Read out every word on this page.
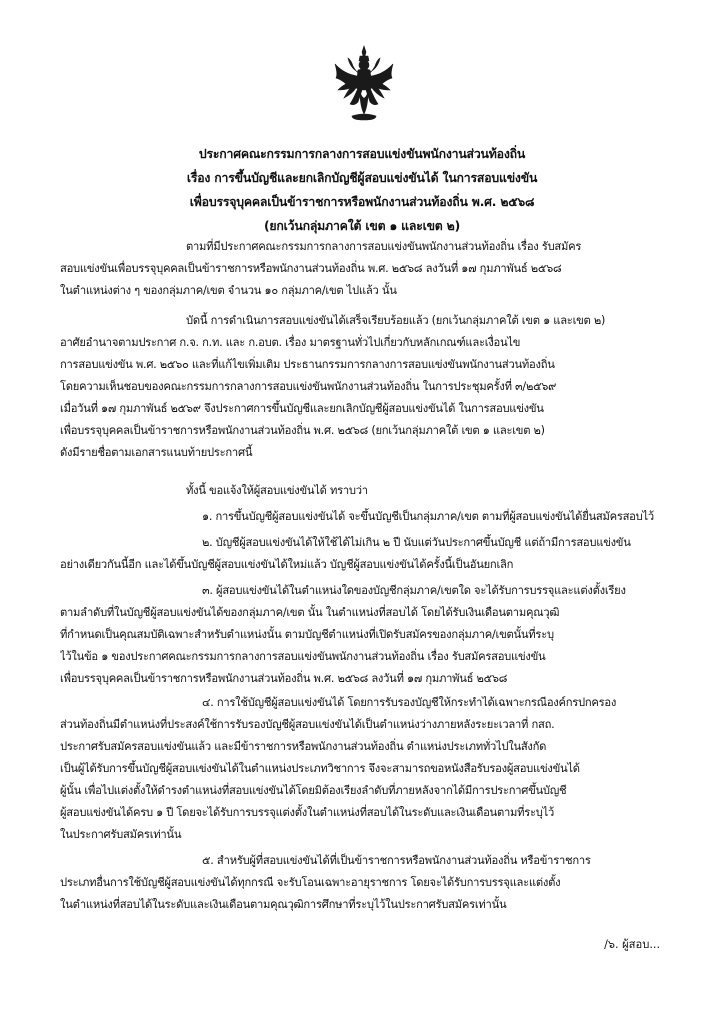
ประกาศคณะกรรมการกลางการสอบแข่งขันพนักงานส่วนท้องถิ่น
เรื่อง การขึ้นบัญชีและยกเลิกบัญชีผู้สอบแข่งขันได้ ในการสอบแข่งขัน
เพื่อบรรจุบุคคลเป็นข้าราชการหรือพนักงานส่วนท้องถิ่น พ.ศ. ๒๕๖๘
(ยกเว้นกลุ่มภาคใต้ เขต ๑ และเขต ๒)
ตามที่มีประกาศคณะกรรมการกลางการสอบแข่งขันพนักงานส่วนท้องถิ่น เรื่อง รับสมัคร
สอบแข่งขันเพื่อบรรจุบุคคลเป็นข้าราชการหรือพนักงานส่วนท้องถิ่น พ.ศ. ๒๕๖๘ ลงวันที่ ๑๗ กุมภาพันธ์ ๒๕๖๘
ในตำแหน่งต่าง ๆ ของกลุ่มภาค/เขต จำนวน ๑๐ กลุ่มภาค/เขต ไปแล้ว นั้น
บัดนี้ การดำเนินการสอบแข่งขันได้เสร็จเรียบร้อยแล้ว (ยกเว้นกลุ่มภาคใต้ เขต ๑ และเขต ๒)
อาศัยอำนาจตามประกาศ ก.จ. ก.ท. และ ก.อบต. เรื่อง มาตรฐานทั่วไปเกี่ยวกับหลักเกณฑ์และเงื่อนไข
การสอบแข่งขัน พ.ศ. ๒๕๖๐ และที่แก้ไขเพิ่มเติม ประธานกรรมการกลางการสอบแข่งขันพนักงานส่วนท้องถิ่น
โดยความเห็นชอบของคณะกรรมการกลางการสอบแข่งขันพนักงานส่วนท้องถิ่น ในการประชุมครั้งที่ ๓/๒๕๖๙
เมื่อวันที่ ๑๗ กุมภาพันธ์ ๒๕๖๙ จึงประกาศการขึ้นบัญชีและยกเลิกบัญชีผู้สอบแข่งขันได้ ในการสอบแข่งขัน
เพื่อบรรจุบุคคลเป็นข้าราชการหรือพนักงานส่วนท้องถิ่น พ.ศ. ๒๕๖๘ (ยกเว้นกลุ่มภาคใต้ เขต ๑ และเขต ๒)
ดังมีรายชื่อตามเอกสารแนบท้ายประกาศนี้
ทั้งนี้ ขอแจ้งให้ผู้สอบแข่งขันได้ ทราบว่า
๑. การขึ้นบัญชีผู้สอบแข่งขันได้ จะขึ้นบัญชีเป็นกลุ่มภาค/เขต ตามที่ผู้สอบแข่งขันได้ยื่นสมัครสอบไว้
๒. บัญชีผู้สอบแข่งขันได้ให้ใช้ได้ไม่เกิน ๒ ปี นับแต่วันประกาศขึ้นบัญชี แต่ถ้ามีการสอบแข่งขัน
อย่างเดียวกันนี้อีก และได้ขึ้นบัญชีผู้สอบแข่งขันได้ใหม่แล้ว บัญชีผู้สอบแข่งขันได้ครั้งนี้เป็นอันยกเลิก
๓. ผู้สอบแข่งขันได้ในตำแหน่งใดของบัญชีกลุ่มภาค/เขตใด จะได้รับการบรรจุและแต่งตั้งเรียง
ตามลำดับที่ในบัญชีผู้สอบแข่งขันได้ของกลุ่มภาค/เขต นั้น ในตำแหน่งที่สอบได้ โดยได้รับเงินเดือนตามคุณวุฒิ
ที่กำหนดเป็นคุณสมบัติเฉพาะสำหรับตำแหน่งนั้น ตามบัญชีตำแหน่งที่เปิดรับสมัครของกลุ่มภาค/เขตนั้นที่ระบุ
ไว้ในข้อ ๑ ของประกาศคณะกรรมการกลางการสอบแข่งขันพนักงานส่วนท้องถิ่น เรื่อง รับสมัครสอบแข่งขัน
เพื่อบรรจุบุคคลเป็นข้าราชการหรือพนักงานส่วนท้องถิ่น พ.ศ. ๒๕๖๘ ลงวันที่ ๑๗ กุมภาพันธ์ ๒๕๖๘
๔. การใช้บัญชีผู้สอบแข่งขันได้ โดยการรับรองบัญชีให้กระทำได้เฉพาะกรณีองค์กรปกครอง
ส่วนท้องถิ่นมีตำแหน่งที่ประสงค์ใช้การรับรองบัญชีผู้สอบแข่งขันได้เป็นตำแหน่งว่างภายหลังระยะเวลาที่ กสถ.
ประกาศรับสมัครสอบแข่งขันแล้ว และมีข้าราชการหรือพนักงานส่วนท้องถิ่น ตำแหน่งประเภททั่วไปในสังกัด
เป็นผู้ได้รับการขึ้นบัญชีผู้สอบแข่งขันได้ในตำแหน่งประเภทวิชาการ จึงจะสามารถขอหนังสือรับรองผู้สอบแข่งขันได้
ผู้นั้น เพื่อไปแต่งตั้งให้ดำรงตำแหน่งที่สอบแข่งขันได้โดยมิต้องเรียงลำดับที่ภายหลังจากได้มีการประกาศขึ้นบัญชี
ผู้สอบแข่งขันได้ครบ ๑ ปี โดยจะได้รับการบรรจุแต่งตั้งในตำแหน่งที่สอบได้ในระดับและเงินเดือนตามที่ระบุไว้
ในประกาศรับสมัครเท่านั้น
๕. สำหรับผู้ที่สอบแข่งขันได้ที่เป็นข้าราชการหรือพนักงานส่วนท้องถิ่น หรือข้าราชการ
ประเภทอื่นการใช้บัญชีผู้สอบแข่งขันได้ทุกกรณี จะรับโอนเฉพาะอายุราชการ โดยจะได้รับการบรรจุและแต่งตั้ง
ในตำแหน่งที่สอบได้ในระดับและเงินเดือนตามคุณวุฒิการศึกษาที่ระบุไว้ในประกาศรับสมัครเท่านั้น
/๖. ผู้สอบ...
